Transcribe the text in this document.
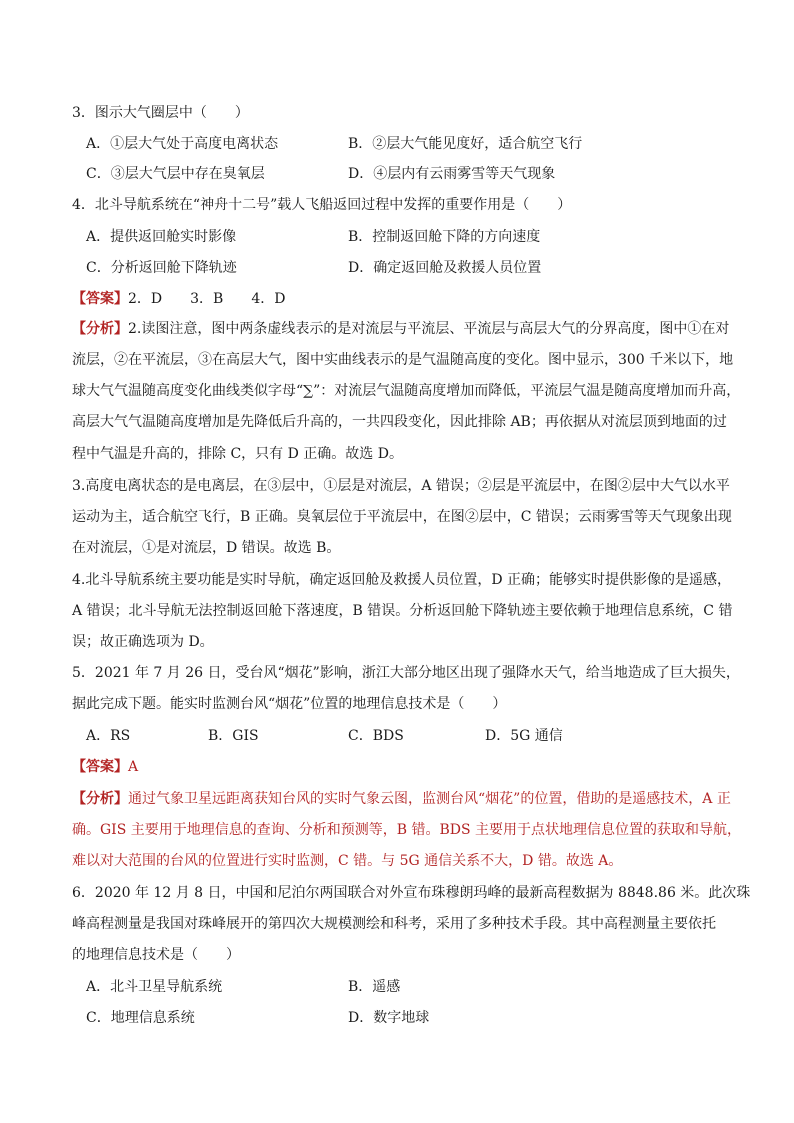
3．图示大气圈层中（　　）
A．①层大气处于高度电离状态	B．②层大气能见度好，适合航空飞行
C．③层大气层中存在臭氧层	D．④层内有云雨雾雪等天气现象
4．北斗导航系统在“神舟十二号”载人飞船返回过程中发挥的重要作用是（　　）
A．提供返回舱实时影像	B．控制返回舱下降的方向速度
C．分析返回舱下降轨迹	D．确定返回舱及救援人员位置
【答案】2．D　　3．B　　4．D
【分析】2.读图注意，图中两条虚线表示的是对流层与平流层、平流层与高层大气的分界高度，图中①在对
流层，②在平流层，③在高层大气，图中实曲线表示的是气温随高度的变化。图中显示，300 千米以下，地
球大气气温随高度变化曲线类似字母“∑”：对流层气温随高度增加而降低，平流层气温是随高度增加而升高，
高层大气气温随高度增加是先降低后升高的，一共四段变化，因此排除 AB；再依据从对流层顶到地面的过
程中气温是升高的，排除 C，只有 D 正确。故选 D。
3.高度电离状态的是电离层，在③层中，①层是对流层，A 错误；②层是平流层中，在图②层中大气以水平
运动为主，适合航空飞行，B 正确。臭氧层位于平流层中，在图②层中，C 错误；云雨雾雪等天气现象出现
在对流层，①是对流层，D 错误。故选 B。
4.北斗导航系统主要功能是实时导航，确定返回舱及救援人员位置，D 正确；能够实时提供影像的是遥感，
A 错误；北斗导航无法控制返回舱下落速度，B 错误。分析返回舱下降轨迹主要依赖于地理信息系统，C 错
误；故正确选项为 D。
5．2021 年 7 月 26 日，受台风“烟花”影响，浙江大部分地区出现了强降水天气，给当地造成了巨大损失，
据此完成下题。能实时监测台风“烟花”位置的地理信息技术是（　　）
A．RS	B．GIS	C．BDS	D．5G 通信
【答案】A
【分析】通过气象卫星远距离获知台风的实时气象云图，监测台风“烟花”的位置，借助的是遥感技术，A 正
确。GIS 主要用于地理信息的查询、分析和预测等，B 错。BDS 主要用于点状地理信息位置的获取和导航，
难以对大范围的台风的位置进行实时监测，C 错。与 5G 通信关系不大，D 错。故选 A。
6．2020 年 12 月 8 日，中国和尼泊尔两国联合对外宣布珠穆朗玛峰的最新高程数据为 8848.86 米。此次珠
峰高程测量是我国对珠峰展开的第四次大规模测绘和科考，采用了多种技术手段。其中高程测量主要依托
的地理信息技术是（　　）
A．北斗卫星导航系统	B．遥感
C．地理信息系统	D．数字地球
